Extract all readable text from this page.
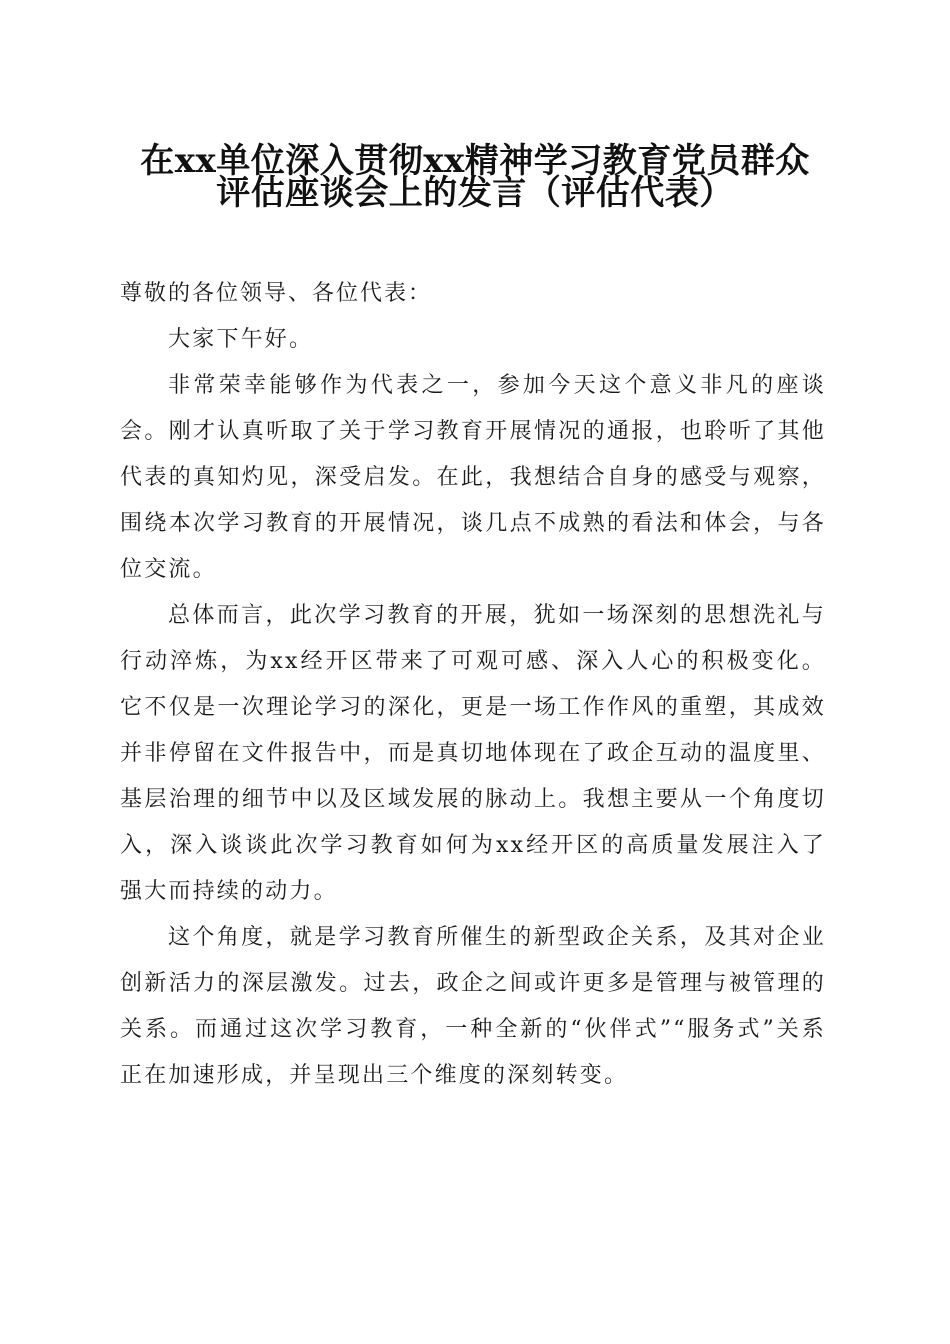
在xx单位深入贯彻xx精神学习教育党员群众
评估座谈会上的发言（评估代表）

尊敬的各位领导、各位代表：

大家下午好。

非常荣幸能够作为代表之一，参加今天这个意义非凡的座谈会。刚才认真听取了关于学习教育开展情况的通报，也聆听了其他代表的真知灼见，深受启发。在此，我想结合自身的感受与观察，围绕本次学习教育的开展情况，谈几点不成熟的看法和体会，与各位交流。

总体而言，此次学习教育的开展，犹如一场深刻的思想洗礼与行动淬炼，为xx经开区带来了可观可感、深入人心的积极变化。它不仅是一次理论学习的深化，更是一场工作作风的重塑，其成效并非停留在文件报告中，而是真切地体现在了政企互动的温度里、基层治理的细节中以及区域发展的脉动上。我想主要从一个角度切入，深入谈谈此次学习教育如何为xx经开区的高质量发展注入了强大而持续的动力。

这个角度，就是学习教育所催生的新型政企关系，及其对企业创新活力的深层激发。过去，政企之间或许更多是管理与被管理的关系。而通过这次学习教育，一种全新的“伙伴式”“服务式”关系正在加速形成，并呈现出三个维度的深刻转变。
